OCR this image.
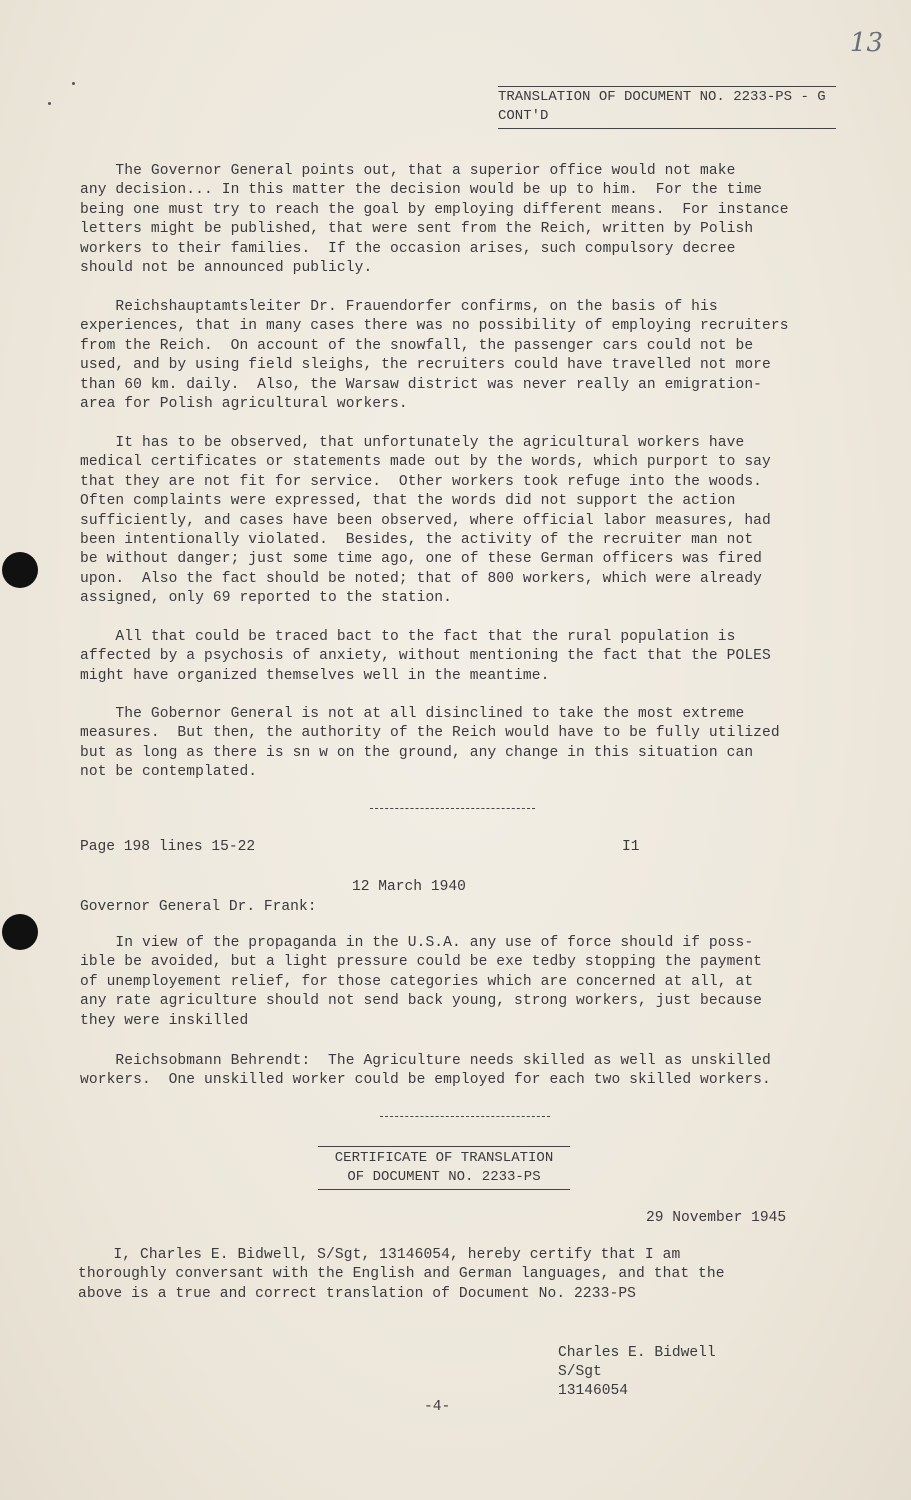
13
TRANSLATION OF DOCUMENT NO. 2233-PS - G
CONT'D
The Governor General points out, that a superior office would not make
any decision... In this matter the decision would be up to him.  For the time
being one must try to reach the goal by employing different means.  For instance
letters might be published, that were sent from the Reich, written by Polish
workers to their families.  If the occasion arises, such compulsory decree
should not be announced publicly.
Reichshauptamtsleiter Dr. Frauendorfer confirms, on the basis of his
experiences, that in many cases there was no possibility of employing recruiters
from the Reich.  On account of the snowfall, the passenger cars could not be
used, and by using field sleighs, the recruiters could have travelled not more
than 60 km. daily.  Also, the Warsaw district was never really an emigration-
area for Polish agricultural workers.
It has to be observed, that unfortunately the agricultural workers have
medical certificates or statements made out by the words, which purport to say
that they are not fit for service.  Other workers took refuge into the woods.
Often complaints were expressed, that the words did not support the action
sufficiently, and cases have been observed, where official labor measures, had
been intentionally violated.  Besides, the activity of the recruiter man not
be without danger; just some time ago, one of these German officers was fired
upon.  Also the fact should be noted; that of 800 workers, which were already
assigned, only 69 reported to the station.
All that could be traced bact to the fact that the rural population is
affected by a psychosis of anxiety, without mentioning the fact that the POLES
might have organized themselves well in the meantime.
The Gobernor General is not at all disinclined to take the most extreme
measures.  But then, the authority of the Reich would have to be fully utilized
but as long as there is sn w on the ground, any change in this situation can
not be contemplated.
Page 198 lines 15-22	I1
12 March 1940
Governor General Dr. Frank:
In view of the propaganda in the U.S.A. any use of force should if poss-
ible be avoided, but a light pressure could be exe tedby stopping the payment
of unemployement relief, for those categories which are concerned at all, at
any rate agriculture should not send back young, strong workers, just because
they were inskilled
Reichsobmann Behrendt:  The Agriculture needs skilled as well as unskilled
workers.  One unskilled worker could be employed for each two skilled workers.
CERTIFICATE OF TRANSLATION
OF DOCUMENT NO. 2233-PS
29 November 1945
I, Charles E. Bidwell, S/Sgt, 13146054, hereby certify that I am
thoroughly conversant with the English and German languages, and that the
above is a true and correct translation of Document No. 2233-PS
Charles E. Bidwell
S/Sgt
13146054
-4-
